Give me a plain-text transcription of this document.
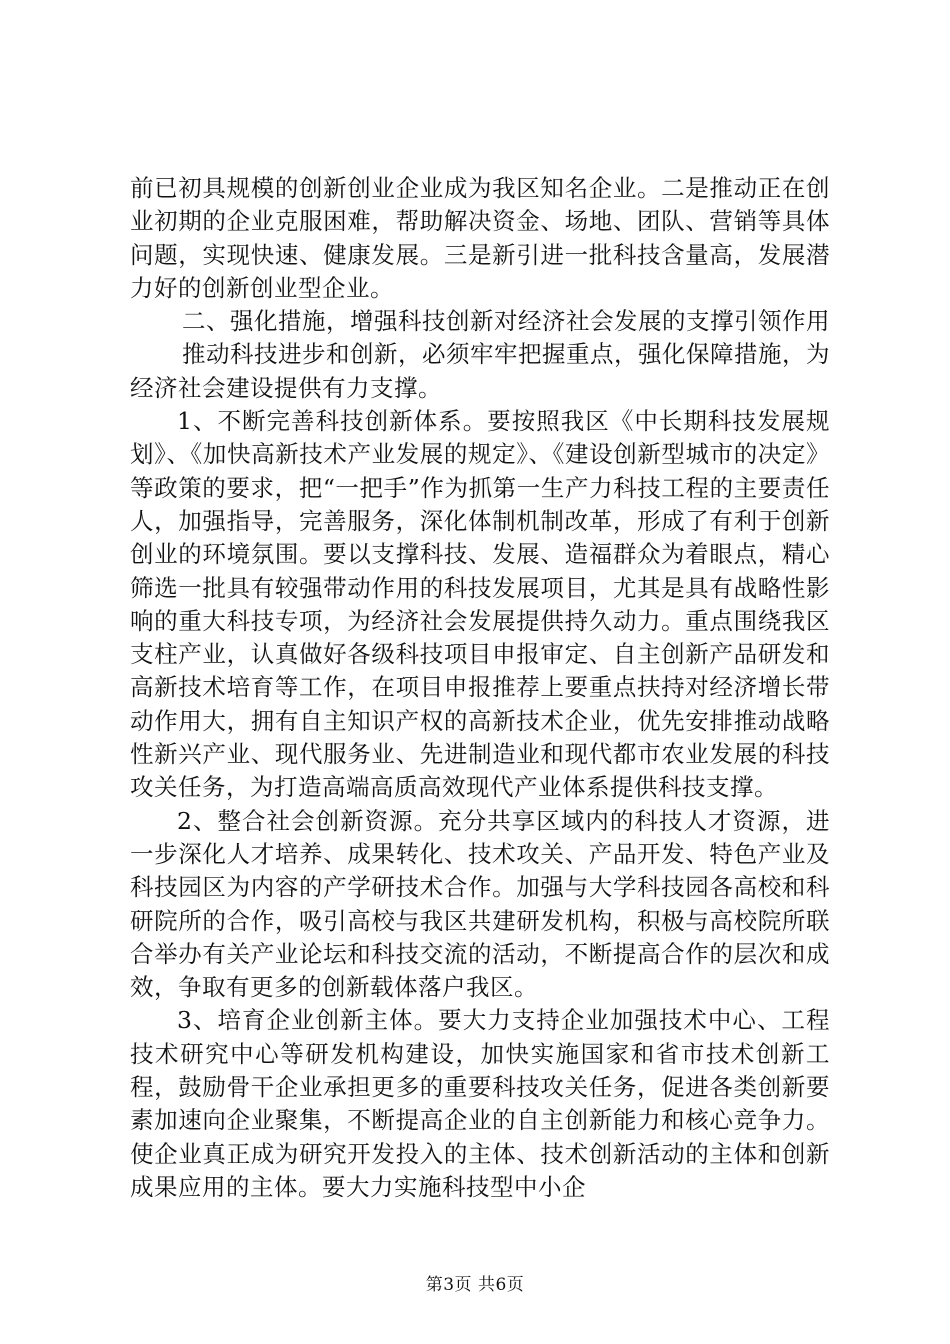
前已初具规模的创新创业企业成为我区知名企业。二是推动正在创业初期的企业克服困难，帮助解决资金、场地、团队、营销等具体问题，实现快速、健康发展。三是新引进一批科技含量高，发展潜力好的创新创业型企业。

二、强化措施，增强科技创新对经济社会发展的支撑引领作用

推动科技进步和创新，必须牢牢把握重点，强化保障措施，为经济社会建设提供有力支撑。

1、不断完善科技创新体系。要按照我区《中长期科技发展规划》、《加快高新技术产业发展的规定》、《建设创新型城市的决定》等政策的要求，把“一把手”作为抓第一生产力科技工程的主要责任人，加强指导，完善服务，深化体制机制改革，形成了有利于创新创业的环境氛围。要以支撑科技、发展、造福群众为着眼点，精心筛选一批具有较强带动作用的科技发展项目，尤其是具有战略性影响的重大科技专项，为经济社会发展提供持久动力。重点围绕我区支柱产业，认真做好各级科技项目申报审定、自主创新产品研发和高新技术培育等工作，在项目申报推荐上要重点扶持对经济增长带动作用大，拥有自主知识产权的高新技术企业，优先安排推动战略性新兴产业、现代服务业、先进制造业和现代都市农业发展的科技攻关任务，为打造高端高质高效现代产业体系提供科技支撑。

2、整合社会创新资源。充分共享区域内的科技人才资源，进一步深化人才培养、成果转化、技术攻关、产品开发、特色产业及科技园区为内容的产学研技术合作。加强与大学科技园各高校和科研院所的合作，吸引高校与我区共建研发机构，积极与高校院所联合举办有关产业论坛和科技交流的活动，不断提高合作的层次和成效，争取有更多的创新载体落户我区。

3、培育企业创新主体。要大力支持企业加强技术中心、工程技术研究中心等研发机构建设，加快实施国家和省市技术创新工程，鼓励骨干企业承担更多的重要科技攻关任务，促进各类创新要素加速向企业聚集，不断提高企业的自主创新能力和核心竞争力。使企业真正成为研究开发投入的主体、技术创新活动的主体和创新成果应用的主体。要大力实施科技型中小企

第3页 共6页
